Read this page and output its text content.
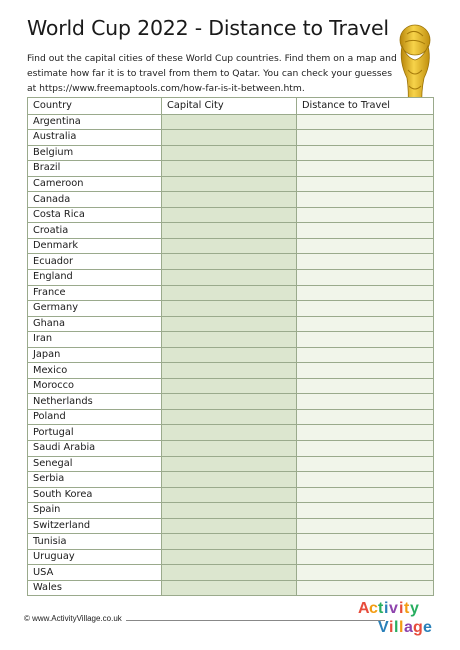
World Cup 2022 - Distance to Travel

Find out the capital cities of these World Cup countries. Find them on a map and estimate how far it is to travel from them to Qatar. You can check your guesses at https://www.freemaptools.com/how-far-is-it-between.htm.

Country	Capital City	Distance to Travel
Argentina		
Australia		
Belgium		
Brazil		
Cameroon		
Canada		
Costa Rica		
Croatia		
Denmark		
Ecuador		
England		
France		
Germany		
Ghana		
Iran		
Japan		
Mexico		
Morocco		
Netherlands		
Poland		
Portugal		
Saudi Arabia		
Senegal		
Serbia		
South Korea		
Spain		
Switzerland		
Tunisia		
Uruguay		
USA		
Wales		
© www.ActivityVillage.co.uk
A c t i v i t y
V i l l a g e
